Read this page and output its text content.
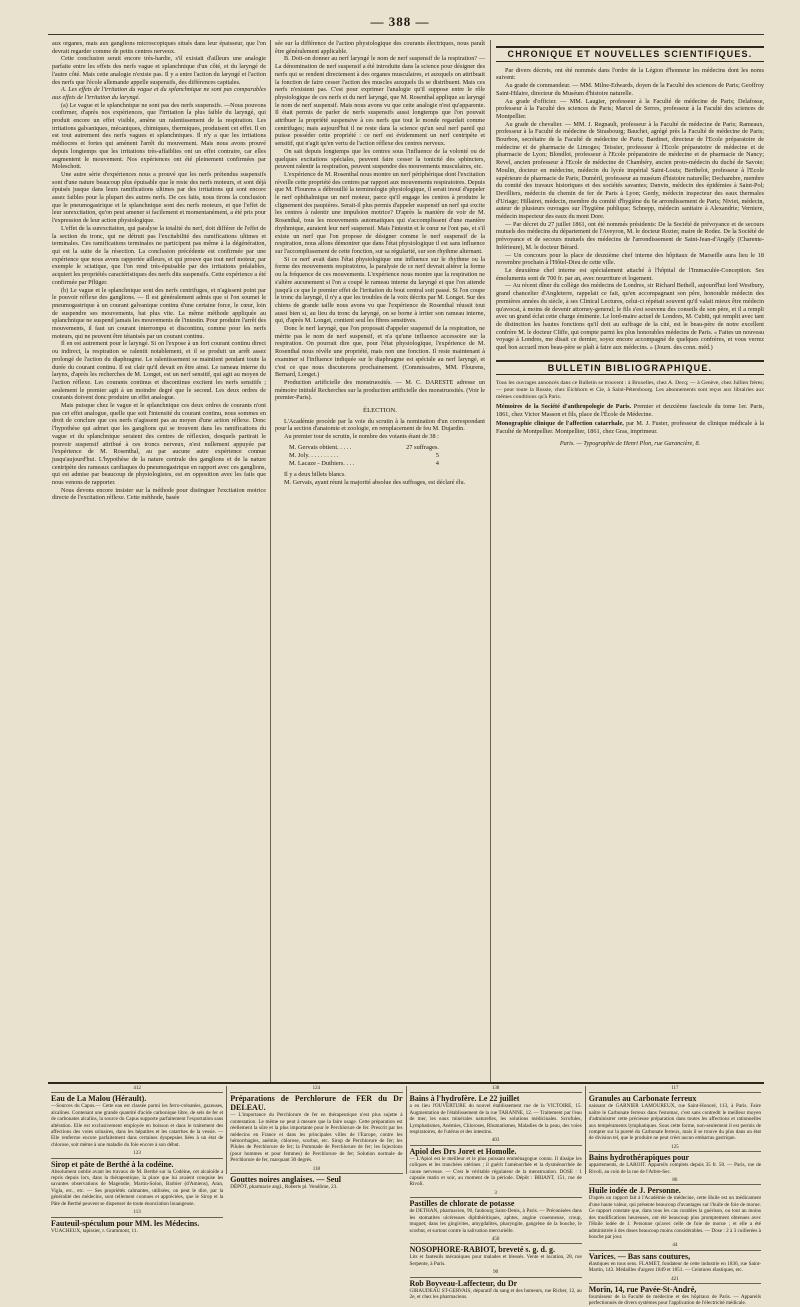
— 388 —

aux organes, mais aux ganglions microscopiques situés dans leur épaisseur, que l'on devrait regarder comme de petits centres nerveux.

Cette conclusion serait encore très-hardie, s'il existait d'ailleurs une analogie parfaite entre les effets des nerfs vague et splanchnique d'un côté, et du laryngé de l'autre côté. Mais cette analogie n'existe pas. Il y a entre l'action du laryngé et l'action des nerfs que l'école allemande appelle suspensifs, des différences capitales.

A. Les effets de l'irritation du vague et du splanchnique ne sont pas comparables aux effets de l'irritation du laryngé.

(a) Le vague et le splanchnique ne sont pas des nerfs suspensifs. —Nous pouvons confirmer, d'après nos expériences, que l'irritation la plus faible du laryngé, qui produit encore un effet visible, amène un ralentissement de la respiration. Les irritations galvaniques, mécaniques, chimiques, thermiques, produisent cet effet. Il en est tout autrement des nerfs vagues et splanchniques. Il n'y a que les irritations médiocres et fortes qui amènent l'arrêt du mouvement. Mais nous avons prouvé depuis longtemps que les irritations très-affaiblies ont un effet contraire, car elles augmentent le mouvement. Nos expériences ont été pleinement confirmées par Moleschott.

Une autre série d'expériences nous a prouvé que les nerfs prétendus suspensifs sont d'une nature beaucoup plus épuisable que le reste des nerfs moteurs, et sont déjà épuisés jusque dans leurs ramifications ultimes par des irritations qui sont encore assez faibles pour la plupart des autres nerfs. De ces faits, nous tirons la conclusion que le pneumogastrique et le splanchnique sont des nerfs moteurs, et que l'effet de leur surexcitation, qu'on peut amener si facilement et momentanément, a été pris pour l'expression de leur action physiologique.

L'effet de la surexcitation, qui paralyse la totalité du nerf, doit différer de l'effet de la section du tronc, qui ne détruit pas l'excitabilité des ramifications ultimes et terminales. Ces ramifications terminales ne participent pas même à la dégénération, qui est la suite de la résection. La conclusion précédente est confirmée par une expérience que nous avons rapportée ailleurs, et qui prouve que tout nerf moteur, par exemple le sciatique, que l'on rend très-épuisable par des irritations préalables, acquiert les propriétés caractéristiques des nerfs dits suspensifs. Cette expérience a été confirmée par Pflüger.

(b) Le vague et le splanchnique sont des nerfs centrifuges, et n'agissent point par le pouvoir réflexe des ganglions. — Il est généralement admis que si l'on soumet le pneumogastrique à un courant galvanique continu d'une certaine force, le cœur, loin de suspendre ses mouvements, bat plus vite. La même méthode appliquée au splanchnique ne suspend jamais les mouvements de l'intestin. Pour produire l'arrêt des mouvements, il faut un courant interrompu et discontinu, comme pour les nerfs moteurs, qui ne peuvent être tétanisés par un courant continu.

Il en est autrement pour le laryngé. Si on l'expose à un fort courant continu direct ou indirect, la respiration se ralentit notablement, et il se produit un arrêt assez prolongé de l'action du diaphragme. Le ralentissement se maintient pendant toute la durée du courant continu. Il est clair qu'il devait en être ainsi. Le rameau interne du larynx, d'après les recherches de M. Longet, est un nerf sensitif, qui agit au moyen de l'action réflexe. Les courants continus et discontinus excitent les nerfs sensitifs ; seulement le premier agit à un moindre degré que le second. Les deux ordres de courants doivent donc produire un effet analogue.

Mais puisque chez le vague et le splanchnique ces deux ordres de courants n'ont pas cet effet analogue, quelle que soit l'intensité du courant continu, nous sommes en droit de conclure que ces nerfs n'agissent pas au moyen d'une action réflexe. Donc l'hypothèse qui admet que les ganglions qui se trouvent dans les ramifications du vague et du splanchnique seraient des centres de réflexion, desquels partirait le pouvoir suspensif attribué à ces troncs nerveux, n'est nullement appuyée par l'expérience de M. Rosenthal, au par aucune autre expérience connue jusqu'aujourd'hui. L'hypothèse de la nature centrale des ganglions et de la nature centripète des rameaux cardiaques du pneumogastrique en rapport avec ces ganglions, qui est admise par beaucoup de physiologistes, est en opposition avec les faits que nous venons de rapporter.

Nous devons encore insister sur la méthode pour distinguer l'excitation motrice directe de l'excitation réflexe. Cette méthode, basée

sée sur la différence de l'action physiologique des courants électriques, nous paraît être généralement applicable.

B. Doit-on donner au nerf laryngé le nom de nerf suspensif de la respiration? — La dénomination de nerf suspensif a été introduite dans la science pour désigner des nerfs qui se rendent directement à des organes musculaires, et auxquels on attribuait la fonction de faire cesser l'action des muscles auxquels ils se distribuent. Mais ces nerfs n'existent pas. C'est pour exprimer l'analogie qu'il suppose entre le rôle physiologique de ces nerfs et du nerf laryngé, que M. Rosenthal applique au laryngé le nom de nerf suspensif. Mais nous avons vu que cette analogie n'est qu'apparente. Il était permis de parler de nerfs suspensifs aussi longtemps que l'on pouvait attribuer la propriété suspensive à ces nerfs que tout le monde regardait comme centrifuges; mais aujourd'hui il ne reste dans la science qu'un seul nerf pareil qui puisse posséder cette propriété : ce nerf est évidemment un nerf centripète et sensitif, qui n'agit qu'en vertu de l'action réflexe des centres nerveux.

On sait depuis longtemps que les centres sous l'influence de la volonté ou de quelques excitations spéciales, peuvent faire cesser la tonicité des sphincters, peuvent ralentir la respiration, peuvent suspendre des mouvements musculaires, etc.

L'expérience de M. Rosenthal nous montre un nerf périphérique dont l'excitation réveille cette propriété des centres par rapport aux mouvements respiratoires. Depuis que M. Flourens a débrouillé la terminologie physiologique, il serait inouï d'appeler le nerf ophthalmique un nerf moteur, parce qu'il engage les centres à produire le clignement des paupières. Serait-il plus permis d'appeler suspensif un nerf qui excite les centres à ralentir une impulsion motrice? D'après la manière de voir de M. Rosenthal, tous les mouvements automatiques qui s'accomplissent d'une manière rhythmique, auraient leur nerf suspensif. Mais l'intestin et le cœur ne l'ont pas, et s'il existe un nerf que l'on propose de désigner comme le nerf suspensif de la respiration, nous allons démontrer que dans l'état physiologique il est sans influence sur l'accomplissement de cette fonction, sur sa régularité, sur son rhythme alternant.

Si ce nerf avait dans l'état physiologique une influence sur le rhythme ou la forme des mouvements respiratoires, la paralysie de ce nerf devrait altérer la forme ou la fréquence de ces mouvements. L'expérience nous montre que la respiration ne s'altère aucunement si l'on a coupé le rameau interne du laryngé et que l'on attende jusqu'à ce que le premier effet de l'irritation du bout central soit passé. Si l'on coupe le tronc du laryngé, il n'y a que les troubles de la voix décrits par M. Longet. Sur des chiens de grande taille nous avons vu que l'expérience de Rosenthal réussit tout aussi bien si, au lieu du tronc du laryngé, on se borne à irriter son rameau interne, qui, d'après M. Longet, contient seul les fibres sensitives.

Donc le nerf laryngé, que l'on proposait d'appeler suspensif de la respiration, ne mérite pas le nom de nerf suspensif, et n'a qu'une influence accessoire sur la respiration. On pourrait dire que, pour l'état physiologique, l'expérience de M. Rosenthal nous révèle une propriété, mais non une fonction. Il reste maintenant à examiner si l'influence indiquée sur le diaphragme est spéciale au nerf laryngé, et c'est ce que nous discuterons prochainement. (Commissaires, MM. Flourens, Bernard, Longet.)

Production artificielle des monstruosités. — M. C. DARESTE adresse un mémoire intitulé Recherches sur la production artificielle des monstruosités. (Voir le premier-Paris).

ÉLECTION.

L'Académie procède par la voie du scrutin à la nomination d'un correspondant pour la section d'anatomie et zoologie, en remplacement de feu M. Dujardin.

Au premier tour de scrutin, le nombre des votants étant de 38 :

M. Gervais obtient. . . . .	27 suffrages.
M. Joly. . . . . . . . . .	5
M. Lacaze - Duthiers. . . .	4

Il y a deux billets blancs.

M. Gervais, ayant réuni la majorité absolue des suffrages, est déclaré élu.

CHRONIQUE ET NOUVELLES SCIENTIFIQUES.

Par divers décrets, ont été nommés dans l'ordre de la Légion d'honneur les médecins dont les noms suivent:

Au grade de commandeur. — MM. Milne-Edwards, doyen de la Faculté des sciences de Paris; Geoffroy Saint-Hilaire, directeur du Muséum d'histoire naturelle.

Au grade d'officier. — MM. Laugier, professeur à la Faculté de médecine de Paris; Delafosse, professeur à la Faculté des sciences de Paris; Marcel de Serres, professeur à la Faculté des sciences de Montpellier.

Au grade de chevalier. — MM. J. Regnault, professeur à la Faculté de médecine de Paris; Rameaux, professeur à la Faculté de médecine de Strasbourg; Bauchet, agrégé près la Faculté de médecine de Paris; Bourbon, secrétaire de la Faculté de médecine de Paris; Bardinet, directeur de l'Ecole préparatoire de médecine et de pharmacie de Limoges; Teissier, professeur à l'Ecole préparatoire de médecine et de pharmacie de Lyon; Blondlot, professeur à l'Ecole préparatoire de médecine et de pharmacie de Nancy; Revel, ancien professeur à l'Ecole de médecine de Chambéry, ancien proto-médecin du duché de Savoie; Moulin, docteur en médecine, médecin du lycée impérial Saint-Louis; Berthelot, professeur à l'Ecole supérieure de pharmacie de Paris; Duméril, professeur au muséum d'histoire naturelle; Dechambre, membre du comité des travaux historiques et des sociétés savantes; Danvin, médecin des épidémies à Saint-Pol; Devilliers, médecin du chemin de fer de Paris à Lyon; Gerdy, médecin inspecteur des eaux thermales d'Uriage; Hillairet, médecin, membre du comité d'hygiène du 6e arrondissement de Paris; Niviet, médecin, auteur de plusieurs ouvrages sur l'hygiène publique; Schnepp, médecin sanitaire à Alexandrie; Verniere, médecin inspecteur des eaux du mont Dore.

— Par décret du 27 juillet 1861, ont été nommés présidents: De la Société de prévoyance et de secours mutuels des médecins du département de l'Aveyron, M. le docteur Rozier, maire de Rodez. De la Société de prévoyance et de secours mutuels des médecins de l'arrondissement de Saint-Jean-d'Angély (Charente-Inférieure), M. le docteur Bérard.

— Un concours pour la place de deuxième chef interne des hôpitaux de Marseille aura lieu le 18 novembre prochain à l'Hôtel-Dieu de cette ville.

Le deuxième chef interne est spécialement attaché à l'hôpital de l'Immaculée-Conception. Ses émoluments sont de 700 fr. par an, avec nourriture et logement.

— Au récent dîner du collège des médecins de Londres, sir Richard Bethell, aujourd'hui lord Westbury, grand chancelier d'Angleterre, rappelait ce fait, qu'en accompagnant son père, honorable médecin des premières années du siècle, à ses Clinical Lectures, celui-ci répétait souvent qu'il valait mieux être médecin qu'avocat, à moins de devenir attorney-general; le fils s'est souvenu des conseils de son père, et il a rempli avec un grand éclat cette charge éminente. Le lord-maire actuel de Londres, M. Cubitt, qui remplit avec tant de distinction les hautes fonctions qu'il doit au suffrage de la cité, est le beau-père de notre excellent confrère M. le docteur Cliffe, qui compte parmi les plus honorables médecins de Paris. « Faites un nouveau voyage à Londres, me disait ce dernier, soyez encore accompagné de quelques confrères, et vous verrez quel bon accueil mon beau-père se plaît à faire aux médecins. » (Journ. des conn. méd.)

BULLETIN BIBLIOGRAPHIQUE.

Tous les ouvrages annoncés dans ce Bulletin se trouvent : à Bruxelles, chez A. Decq; — à Genève, chez Jullien frères; — pour toute la Russie, chez Eichhorn et Cie, à Saint-Pétersbourg. Les abonnements sont reçus aux librairies aux mêmes conditions qu'à Paris.

Mémoires de la Société d'anthropologie de Paris. Premier et deuxième fascicule du tome 1er. Paris, 1861, chez Victor Masson et fils, place de l'École de Médecine.
Monographie clinique de l'affection catarrhale, par M. J. Fuster, professeur de clinique médicale à la Faculté de Montpellier. Montpellier, 1861, chez Gras, imprimeur.
Paris. — Typographie de Henri Plon, rue Garancière, 8.
412
Eau de La Malou (Hérault).
—Sources du Capus.— Cette eau est classée parmi les ferro-crénatées, gazeuses, alcalines. Contenant une grande quantité d'acide carbonique libre, de sels de fer et de carbonates alcalins, la source du Capus supporte parfaitement l'exportation sans altération. Elle est exclusivement employée en boisson et dans le traitement des affections des voies urinaires, dans les hépatites et les catarrhes de la vessie. — Elle renferme encore parfaitement dans certaines dyspepsies liées à un état de chlorose, soit même à une maladie du foie encore à son début.
123
Sirop et pâte de Berthé à la codéine.
Absolument oublié avant les travaux de M. Berthé sur la Codéine, cet alcaloïde a repris depuis lors, dans la thérapeutique, la place que lui avaient conquise les savantes observations de Magendie, Martin-Solon, Barbier (d'Amiens), Aran, Vigla, etc., etc. — Ses propriétés calmantes, utilisées, on peut le dire, par la généralité des médecins, sont tellement connues et appréciées, que le Sirop et la Pâte de Berthé peuvent se dispenser de toute énonciation louangeuse.
113
Fauteuil-spéculum pour MM. les Médecins.
VUACHEUX, tapissier, r. Grammont, 11.
124
Préparations de Perchlorure de FER du Dr DELEAU.
— L'importance du Perchlorure de fer en thérapeutique n'est plus sujette à contestation. Le même ne peut à mesure que la faire usage. Cette préparation est réellement la sûre et la plus importante pour le Perchlorure de fer. Prescrit par les médecins en France et dans les principales villes de l'Europe, contre les hémorrhagies, anémie, chlorose, scorbut, etc. Sirop de Perchlorure de fer; les Pilules de Perchlorure de fer; la Pommade de Perchlorure de fer; les Injections (pour hommes et pour femmes) de Perchlorure de fer; Solution normale de Perchlorure de fer, marquant 30 degrés.
118
Gouttes noires anglaises. — Seul
DÉPÔT, pharmacie angl., Roberts pl. Vendôme, 23.
138
Bains à l'hydrofère. Le 22 juillet
a eu lieu l'OUVERTURE du nouvel établissement rue de la VICTOIRE, 15. Augmentation de l'établissement de la rue TARANNE, 12. — Traitement par l'eau de mer, les eaux minérales naturelles, les solutions médicinales. Scrofules, Lymphatismes, Anémies, Chloroses, Rhumatismes, Maladies de la peau, des voies respiratoires, de l'utérus et des intestins.
403
Apiol des Drs Joret et Homolle.
— L'Apiol est le meilleur et le plus puissant emménagogue connu. Il dissipe les coliques et les tranchées utérines ; il guérit l'aménorrhée et la dysménorrhée de cause nerveuse. — C'est le véritable régulateur de la menstruation. DOSE : 1 capsule matin et soir, au moment de la période. Dépôt : BRIANT, 151, rue de Rivoli.
3
Pastilles de chlorate de potasse
de DETHAN, pharmacien, 90, faubourg Saint-Denis, à Paris. — Préconisées dans les stomatites ulcéreuses diphthéritiques, aphtes, angine couenneuse, croup, muguet; dans les gingivites, amygdalites, pharyngite, gangrène de la bouche, le scorbut, et surtout contre la salivation mercurielle.
450
NOSOPHORE-RABIOT, breveté s. g. d. g.
Lits et fauteuils mécaniques pour malades et blessés. Vente et location, 28, rue Serpente, à Paris.
90
Rob Boyveau-Laffecteur, du Dr
GIRAUDEAU ST-GERVAIS, dépuratif du sang et des humeurs, rue Richer, 12, au 2e, et chez les pharmaciens.
117
Granules au Carbonate ferreux
naissant de GARNIER LAMOUREUX, rue Saint-Honoré, 113, à Paris. Faire naître le Carbonate ferreux dans l'estomac, c'est sans contredit le meilleur moyen d'administrer cette précieuse préparation dans toutes les affections et rationnelles aux tempéraments lymphatiques. Sous cette forme, non-seulement il est permis de compter sur la pureté du Carbonate ferreux, mais il se trouve du plus dans un état de division tel, que le produire ne peut créer aucun embarras gastrique.
125
Bains hydrothérapiques pour
appartements, de LAROIT. Appareils complets depuis 35 fr. 50. — Paris, rue de Rivoli, au coin de la rue de l'Arbre-Sec.
86
Huile iodée de J. Personne.
D'après un rapport fait à l'Académie de médecine, cette Huile est un médicament d'une haute valeur, qui présente beaucoup d'avantages sur l'huile de foie de morue. Ce rapport constate que, dans tous les cas curables la guérison, ou tout au moins des modifications heureuses, ont été beaucoup plus promptement obtenues avec l'Huile iodée de J. Personne qu'avec celle de foie de morue ; et elle a été administrée à des doses beaucoup moins considérables. — Dose : 2 à 3 cuillerées à bouche par jour.
44
Varices. — Bas sans coutures,
élastiques en tous sens. FLAMET, fondateur de cette industrie en 1836, rue Saint-Martin, 143. Médailles d'argent 1849 et 1851. — Ceintures élastiques, etc.
421
Morin, 14, rue Pavée-St-André,
fournisseur de la Faculté de médecine et des hôpitaux de Paris. — Appareils perfectionnés de divers systèmes pour l'application de l'électricité médicale.
